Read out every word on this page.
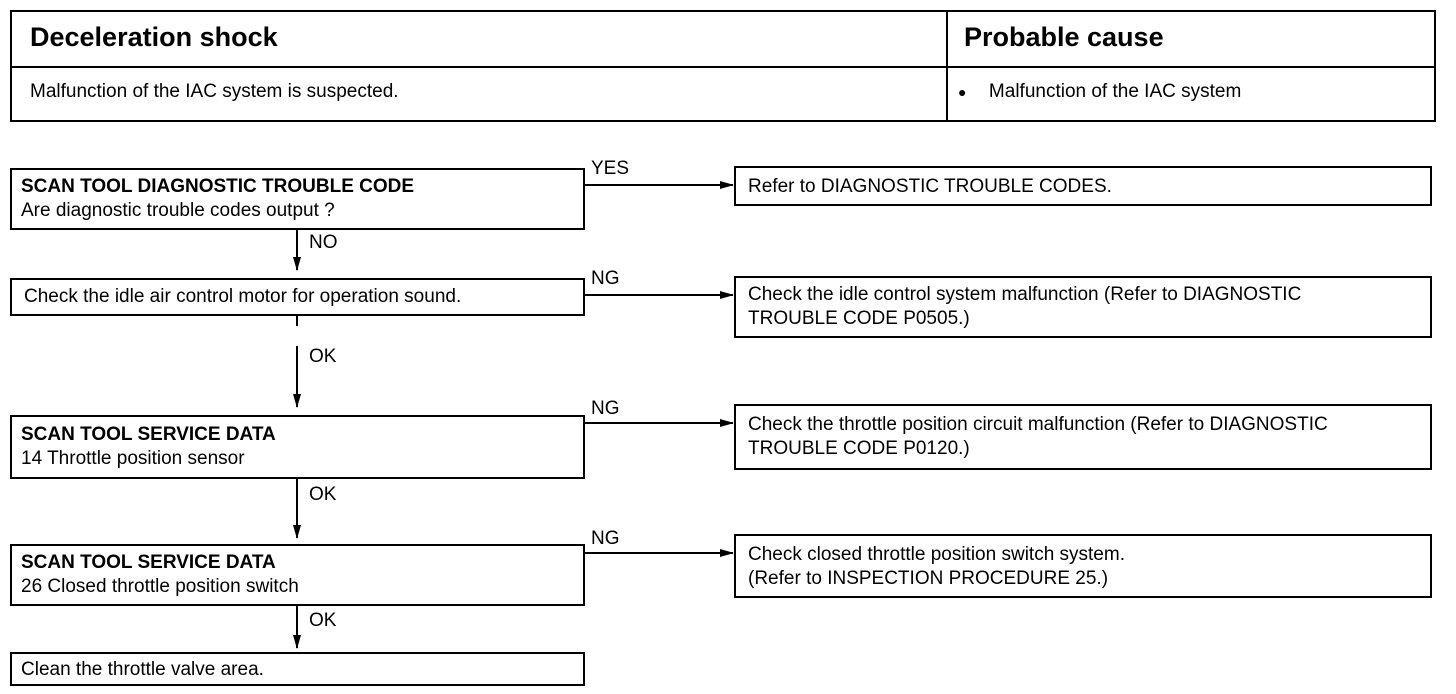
Deceleration shock	Probable cause
Malfunction of the IAC system is suspected.	● Malfunction of the IAC system
SCAN TOOL DIAGNOSTIC TROUBLE CODE
Are diagnostic trouble codes output ?
Check the idle air control motor for operation sound.
SCAN TOOL SERVICE DATA
14 Throttle position sensor
SCAN TOOL SERVICE DATA
26 Closed throttle position switch
Clean the throttle valve area.
Refer to DIAGNOSTIC TROUBLE CODES.
Check the idle control system malfunction (Refer to DIAGNOSTIC
TROUBLE CODE P0505.)
Check the throttle position circuit malfunction (Refer to DIAGNOSTIC
TROUBLE CODE P0120.)
Check closed throttle position switch system.
(Refer to INSPECTION PROCEDURE 25.)
YES
NO
NG
OK
NG
OK
NG
OK
